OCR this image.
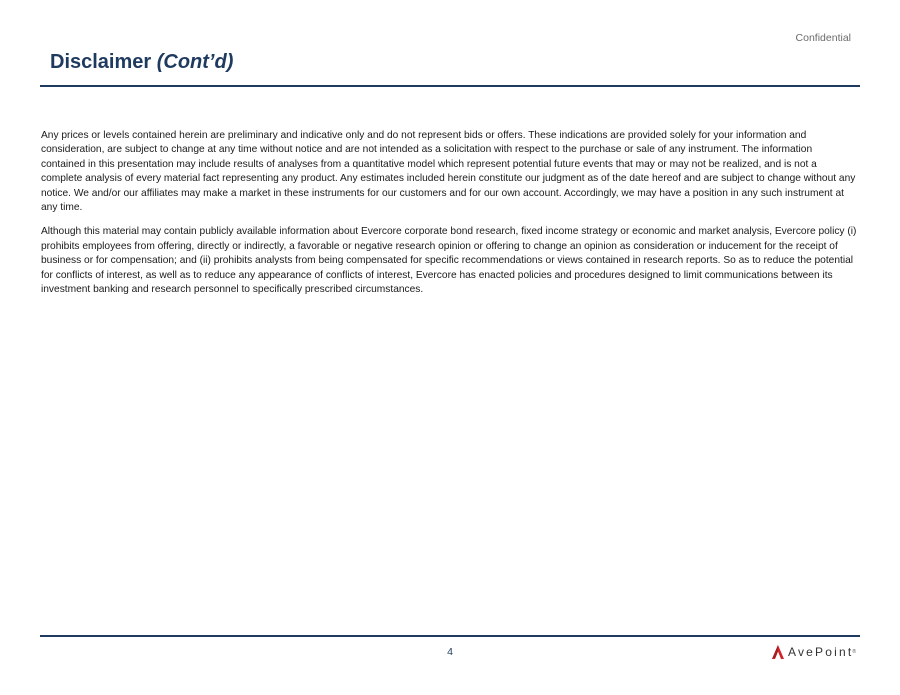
Confidential
Disclaimer (Cont’d)

Any prices or levels contained herein are preliminary and indicative only and do not represent bids or offers. These indications are provided solely for your information and consideration, are subject to change at any time without notice and are not intended as a solicitation with respect to the purchase or sale of any instrument. The information contained in this presentation may include results of analyses from a quantitative model which represent potential future events that may or may not be realized, and is not a complete analysis of every material fact representing any product. Any estimates included herein constitute our judgment as of the date hereof and are subject to change without any notice. We and/or our affiliates may make a market in these instruments for our customers and for our own account. Accordingly, we may have a position in any such instrument at any time.

Although this material may contain publicly available information about Evercore corporate bond research, fixed income strategy or economic and market analysis, Evercore policy (i) prohibits employees from offering, directly or indirectly, a favorable or negative research opinion or offering to change an opinion as consideration or inducement for the receipt of business or for compensation; and (ii) prohibits analysts from being compensated for specific recommendations or views contained in research reports. So as to reduce the potential for conflicts of interest, as well as to reduce any appearance of conflicts of interest, Evercore has enacted policies and procedures designed to limit communications between its investment banking and research personnel to specifically prescribed circumstances.

4	AvePoint ®
